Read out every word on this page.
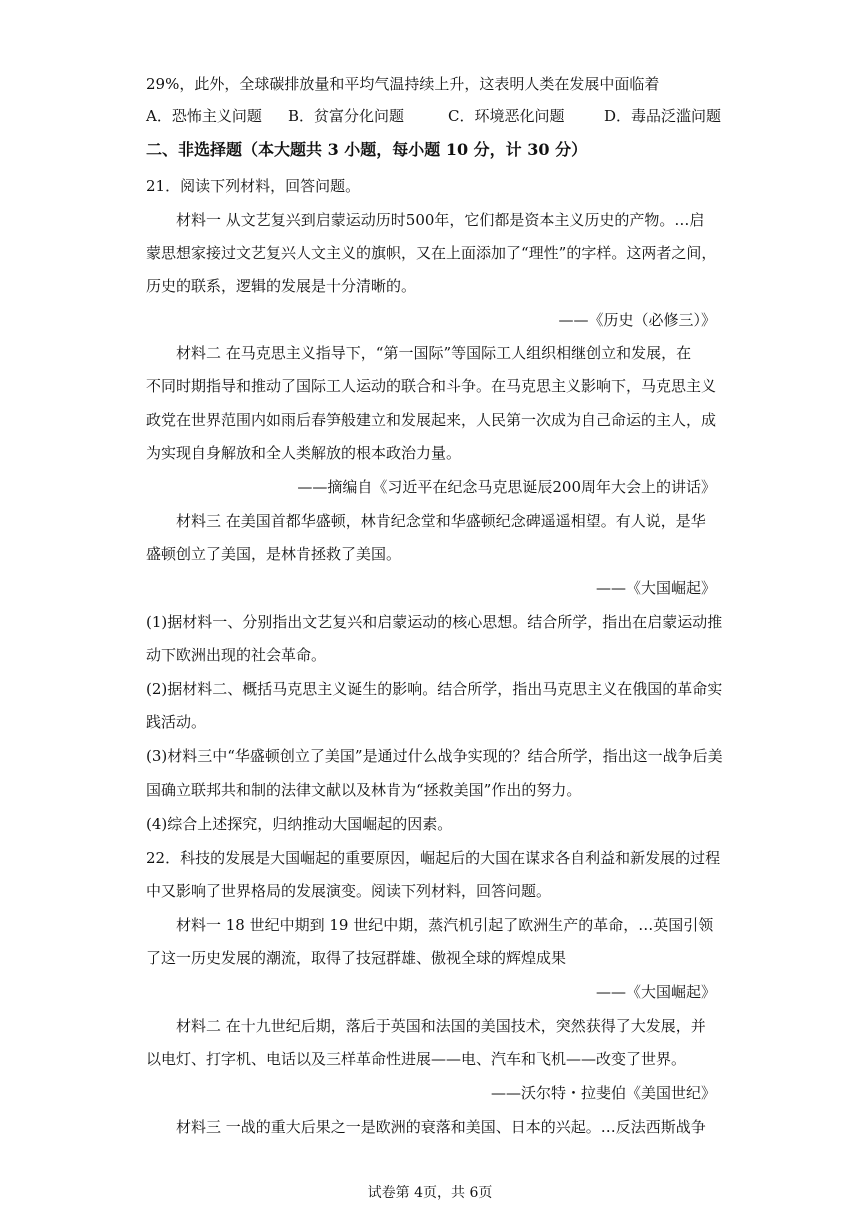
29%，此外，全球碳排放量和平均气温持续上升，这表明人类在发展中面临着
A．恐怖主义问题	B．贫富分化问题	C．环境恶化问题	D．毒品泛滥问题
二、非选择题（本大题共 3 小题，每小题 10 分，计 30 分）
21．阅读下列材料，回答问题。
材料一 从文艺复兴到启蒙运动历时500年，它们都是资本主义历史的产物。…启
蒙思想家接过文艺复兴人文主义的旗帜，又在上面添加了“理性”的字样。这两者之间，
历史的联系，逻辑的发展是十分清晰的。
——《历史（必修三）》
材料二 在马克思主义指导下，“第一国际”等国际工人组织相继创立和发展，在
不同时期指导和推动了国际工人运动的联合和斗争。在马克思主义影响下，马克思主义
政党在世界范围内如雨后春笋般建立和发展起来，人民第一次成为自己命运的主人，成
为实现自身解放和全人类解放的根本政治力量。
——摘编自《习近平在纪念马克思诞辰200周年大会上的讲话》
材料三 在美国首都华盛顿，林肯纪念堂和华盛顿纪念碑遥遥相望。有人说，是华
盛顿创立了美国，是林肯拯救了美国。
——《大国崛起》
(1)据材料一、分别指出文艺复兴和启蒙运动的核心思想。结合所学，指出在启蒙运动推
动下欧洲出现的社会革命。
(2)据材料二、概括马克思主义诞生的影响。结合所学，指出马克思主义在俄国的革命实
践活动。
(3)材料三中“华盛顿创立了美国”是通过什么战争实现的？结合所学，指出这一战争后美
国确立联邦共和制的法律文献以及林肯为“拯救美国”作出的努力。
(4)综合上述探究，归纳推动大国崛起的因素。
22．科技的发展是大国崛起的重要原因，崛起后的大国在谋求各自利益和新发展的过程
中又影响了世界格局的发展演变。阅读下列材料，回答问题。
材料一 18 世纪中期到 19 世纪中期，蒸汽机引起了欧洲生产的革命，…英国引领
了这一历史发展的潮流，取得了技冠群雄、傲视全球的辉煌成果
——《大国崛起》
材料二 在十九世纪后期，落后于英国和法国的美国技术，突然获得了大发展，并
以电灯、打字机、电话以及三样革命性进展——电、汽车和飞机——改变了世界。
——沃尔特・拉斐伯《美国世纪》
材料三 一战的重大后果之一是欧洲的衰落和美国、日本的兴起。…反法西斯战争
试卷第 4页，共 6页
